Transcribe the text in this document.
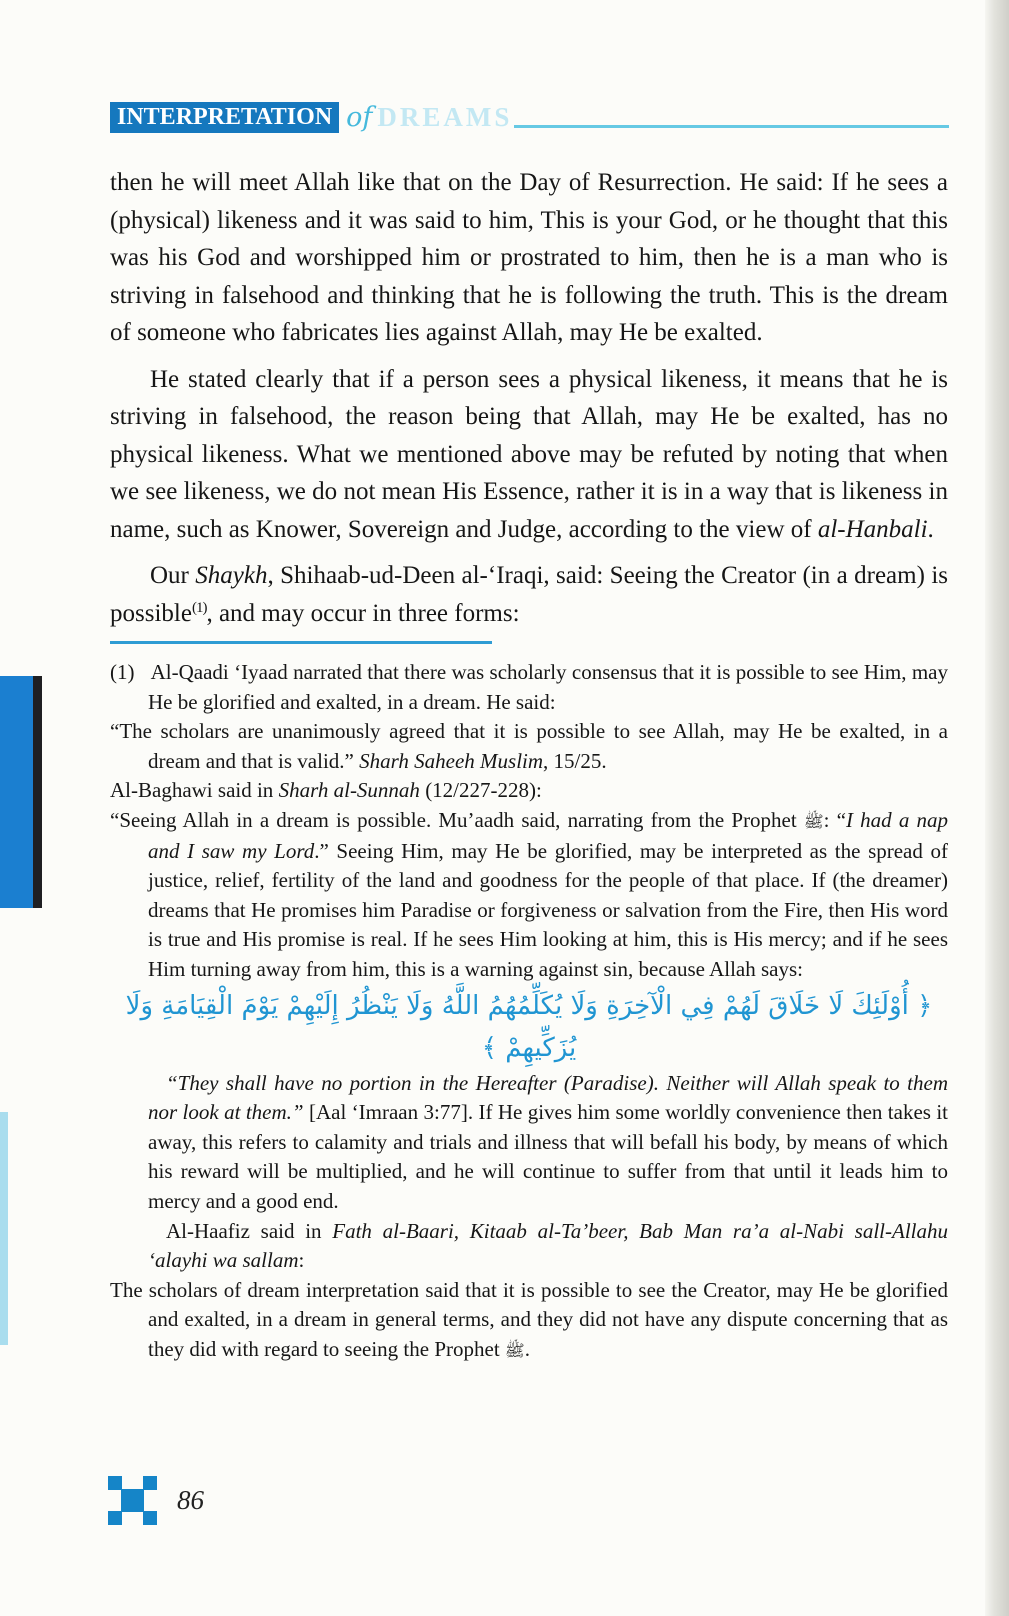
INTERPRETATION of DREAMS

then he will meet Allah like that on the Day of Resurrection. He said: If he sees a (physical) likeness and it was said to him, This is your God, or he thought that this was his God and worshipped him or prostrated to him, then he is a man who is striving in falsehood and thinking that he is following the truth. This is the dream of someone who fabricates lies against Allah, may He be exalted.

He stated clearly that if a person sees a physical likeness, it means that he is striving in falsehood, the reason being that Allah, may He be exalted, has no physical likeness. What we mentioned above may be refuted by noting that when we see likeness, we do not mean His Essence, rather it is in a way that is likeness in name, such as Knower, Sovereign and Judge, according to the view of al-Hanbali.

Our Shaykh, Shihaab-ud-Deen al-‘Iraqi, said: Seeing the Creator (in a dream) is possible$^{(1)}$, and may occur in three forms:

(1)   Al-Qaadi ‘Iyaad narrated that there was scholarly consensus that it is possible to see Him, may He be glorified and exalted, in a dream. He said:

“The scholars are unanimously agreed that it is possible to see Allah, may He be exalted, in a dream and that is valid.” Sharh Saheeh Muslim, 15/25.

Al-Baghawi said in Sharh al-Sunnah (12/227-228):

“Seeing Allah in a dream is possible. Mu’aadh said, narrating from the Prophet ﷺ: “I had a nap and I saw my Lord.” Seeing Him, may He be glorified, may be interpreted as the spread of justice, relief, fertility of the land and goodness for the people of that place. If (the dreamer) dreams that He promises him Paradise or forgiveness or salvation from the Fire, then His word is true and His promise is real. If he sees Him looking at him, this is His mercy; and if he sees Him turning away from him, this is a warning against sin, because Allah says:

﴿ أُوْلَئِكَ لَا خَلَاقَ لَهُمْ فِي الْآخِرَةِ وَلَا يُكَلِّمُهُمُ اللَّهُ وَلَا يَنْظُرُ إِلَيْهِمْ يَوْمَ الْقِيَامَةِ وَلَا يُزَكِّيهِمْ ﴾

“They shall have no portion in the Hereafter (Paradise). Neither will Allah speak to them nor look at them.” [Aal ‘Imraan 3:77]. If He gives him some worldly convenience then takes it away, this refers to calamity and trials and illness that will befall his body, by means of which his reward will be multiplied, and he will continue to suffer from that until it leads him to mercy and a good end.

Al-Haafiz said in Fath al-Baari, Kitaab al-Ta’beer, Bab Man ra’a al-Nabi sall-Allahu ‘alayhi wa sallam:

The scholars of dream interpretation said that it is possible to see the Creator, may He be glorified and exalted, in a dream in general terms, and they did not have any dispute concerning that as they did with regard to seeing the Prophet ﷺ.

86
